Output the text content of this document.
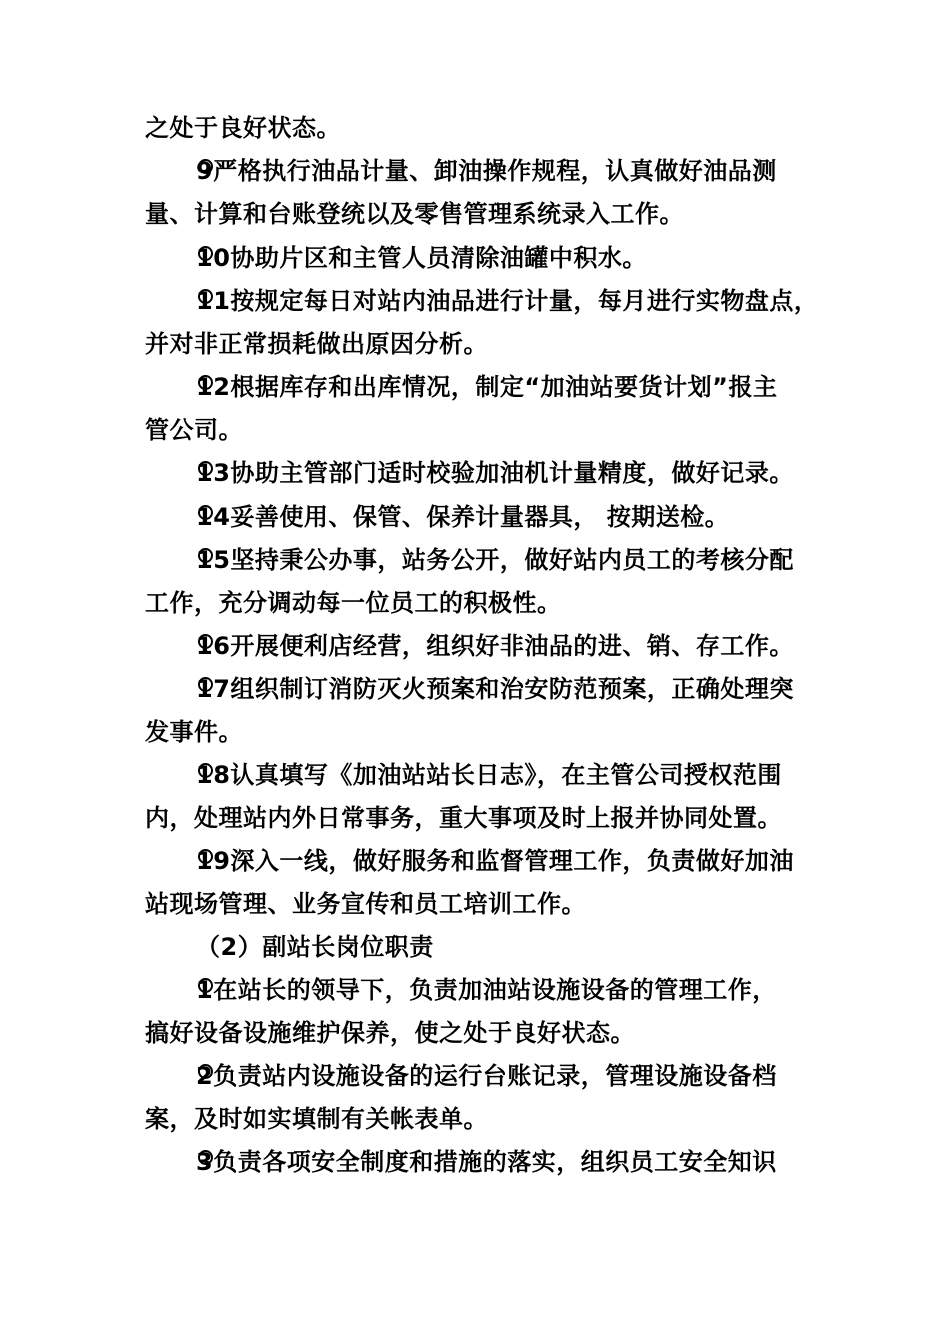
之处于良好状态。
9严格执行油品计量、卸油操作规程，认真做好油品测
量、计算和台账登统以及零售管理系统录入工作。
10协助片区和主管人员清除油罐中积水。
11按规定每日对站内油品进行计量，每月进行实物盘点，
并对非正常损耗做出原因分析。
12根据库存和出库情况，制定“加油站要货计划”报主
管公司。
13协助主管部门适时校验加油机计量精度，做好记录。
14妥善使用、保管、保养计量器具， 按期送检。
15坚持秉公办事，站务公开，做好站内员工的考核分配
工作，充分调动每一位员工的积极性。
16开展便利店经营，组织好非油品的进、销、存工作。
17组织制订消防灭火预案和治安防范预案，正确处理突
发事件。
18认真填写《加油站站长日志》，在主管公司授权范围
内，处理站内外日常事务，重大事项及时上报并协同处置。
19深入一线，做好服务和监督管理工作，负责做好加油
站现场管理、业务宣传和员工培训工作。
（2）副站长岗位职责
1在站长的领导下，负责加油站设施设备的管理工作，
搞好设备设施维护保养，使之处于良好状态。
2负责站内设施设备的运行台账记录，管理设施设备档
案，及时如实填制有关帐表单。
3负责各项安全制度和措施的落实，组织员工安全知识
